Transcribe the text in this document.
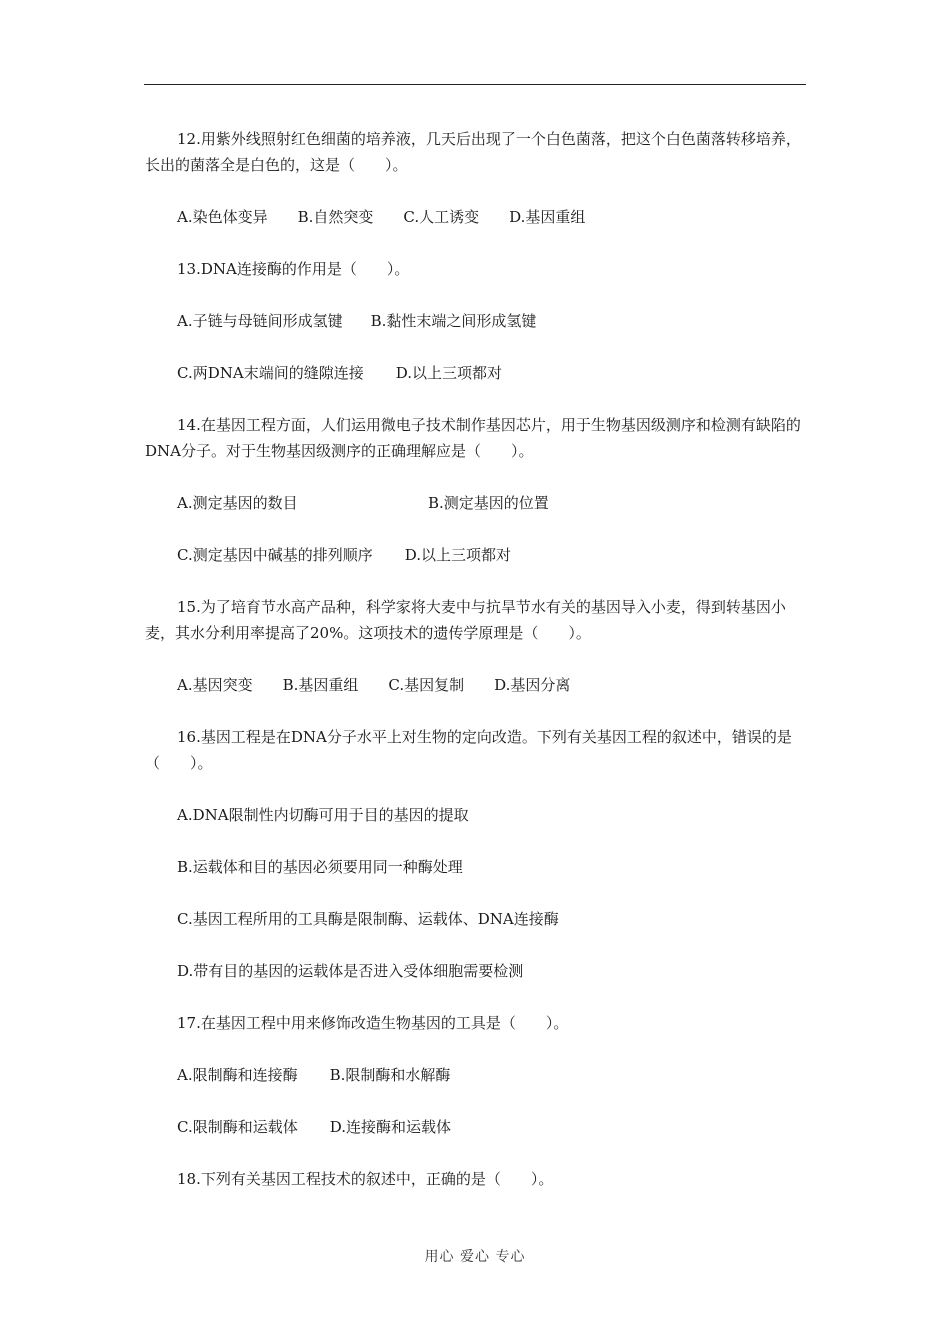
12.用紫外线照射红色细菌的培养液，几天后出现了一个白色菌落，把这个白色菌落转移培养，长出的菌落全是白色的，这是（　　）。

A.染色体变异 B.自然突变 C.人工诱变 D.基因重组

13.DNA连接酶的作用是（　　）。

A.子链与母链间形成氢键 B.黏性末端之间形成氢键

C.两DNA末端间的缝隙连接 D.以上三项都对

14.在基因工程方面，人们运用微电子技术制作基因芯片，用于生物基因级测序和检测有缺陷的DNA分子。对于生物基因级测序的正确理解应是（　　）。

A.测定基因的数目	B.测定基因的位置

C.测定基因中碱基的排列顺序 D.以上三项都对

15.为了培育节水高产品种，科学家将大麦中与抗旱节水有关的基因导入小麦，得到转基因小麦，其水分利用率提高了20%。这项技术的遗传学原理是（　　）。

A.基因突变 B.基因重组 C.基因复制 D.基因分离

16.基因工程是在DNA分子水平上对生物的定向改造。下列有关基因工程的叙述中，错误的是（　　）。

A.DNA限制性内切酶可用于目的基因的提取

B.运载体和目的基因必须要用同一种酶处理

C.基因工程所用的工具酶是限制酶、运载体、DNA连接酶

D.带有目的基因的运载体是否进入受体细胞需要检测

17.在基因工程中用来修饰改造生物基因的工具是（　　）。

A.限制酶和连接酶 B.限制酶和水解酶

C.限制酶和运载体 D.连接酶和运载体

18.下列有关基因工程技术的叙述中，正确的是（　　）。

用心 爱心 专心
